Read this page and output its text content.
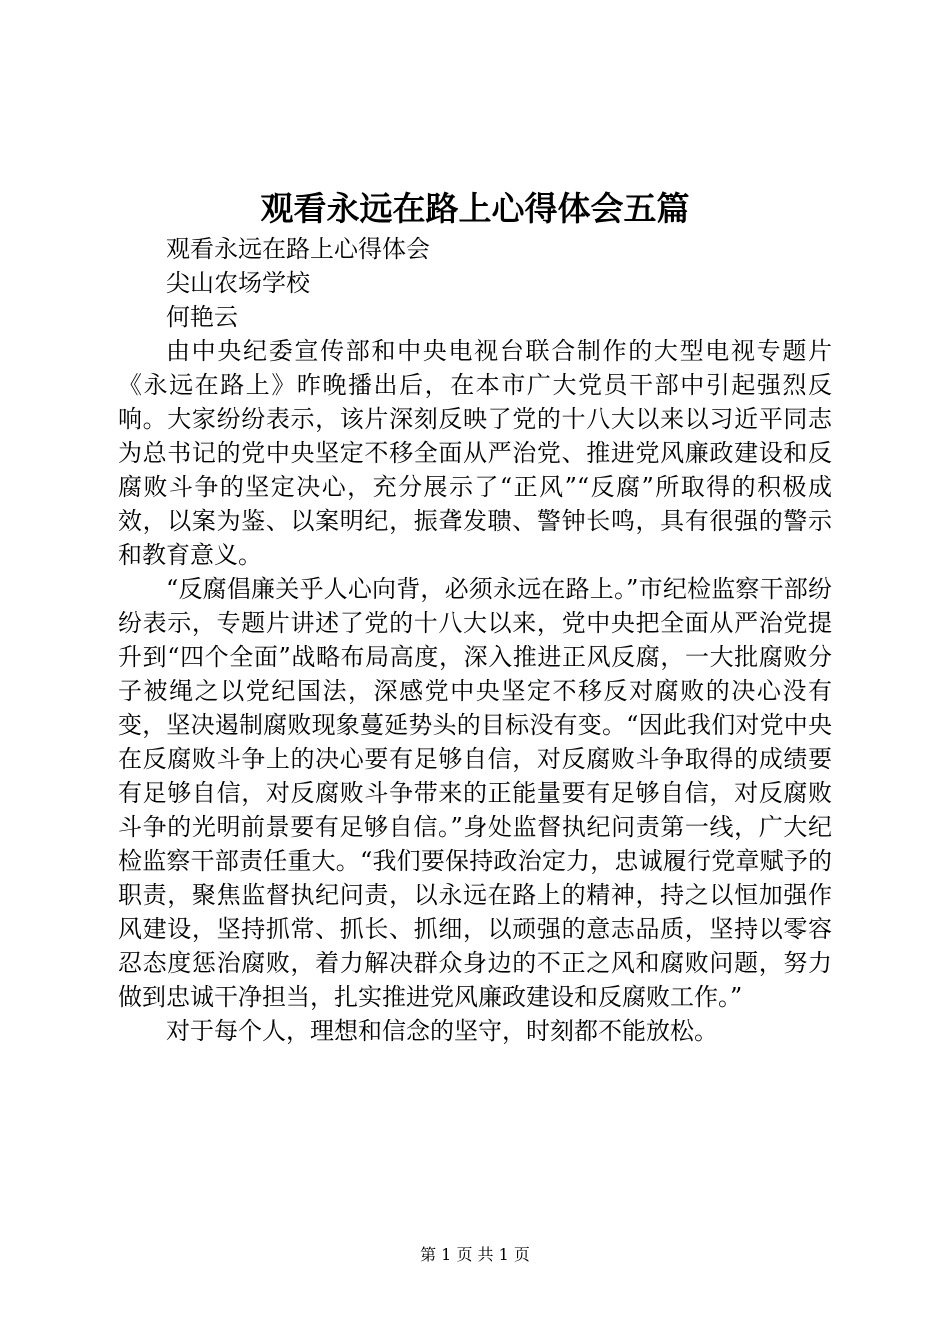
观看永远在路上心得体会五篇

观看永远在路上心得体会

尖山农场学校

何艳云

由中央纪委宣传部和中央电视台联合制作的大型电视专题片《永远在路上》昨晚播出后，在本市广大党员干部中引起强烈反响。大家纷纷表示，该片深刻反映了党的十八大以来以习近平同志为总书记的党中央坚定不移全面从严治党、推进党风廉政建设和反腐败斗争的坚定决心，充分展示了“正风”“反腐”所取得的积极成效，以案为鉴、以案明纪，振聋发聩、警钟长鸣，具有很强的警示和教育意义。

“反腐倡廉关乎人心向背，必须永远在路上。”市纪检监察干部纷纷表示，专题片讲述了党的十八大以来，党中央把全面从严治党提升到“四个全面”战略布局高度，深入推进正风反腐，一大批腐败分子被绳之以党纪国法，深感党中央坚定不移反对腐败的决心没有变，坚决遏制腐败现象蔓延势头的目标没有变。“因此我们对党中央在反腐败斗争上的决心要有足够自信，对反腐败斗争取得的成绩要有足够自信，对反腐败斗争带来的正能量要有足够自信，对反腐败斗争的光明前景要有足够自信。”身处监督执纪问责第一线，广大纪检监察干部责任重大。“我们要保持政治定力，忠诚履行党章赋予的职责，聚焦监督执纪问责，以永远在路上的精神，持之以恒加强作风建设，坚持抓常、抓长、抓细，以顽强的意志品质，坚持以零容忍态度惩治腐败，着力解决群众身边的不正之风和腐败问题，努力做到忠诚干净担当，扎实推进党风廉政建设和反腐败工作。”

对于每个人，理想和信念的坚守，时刻都不能放松。

第 1 页 共 1 页
